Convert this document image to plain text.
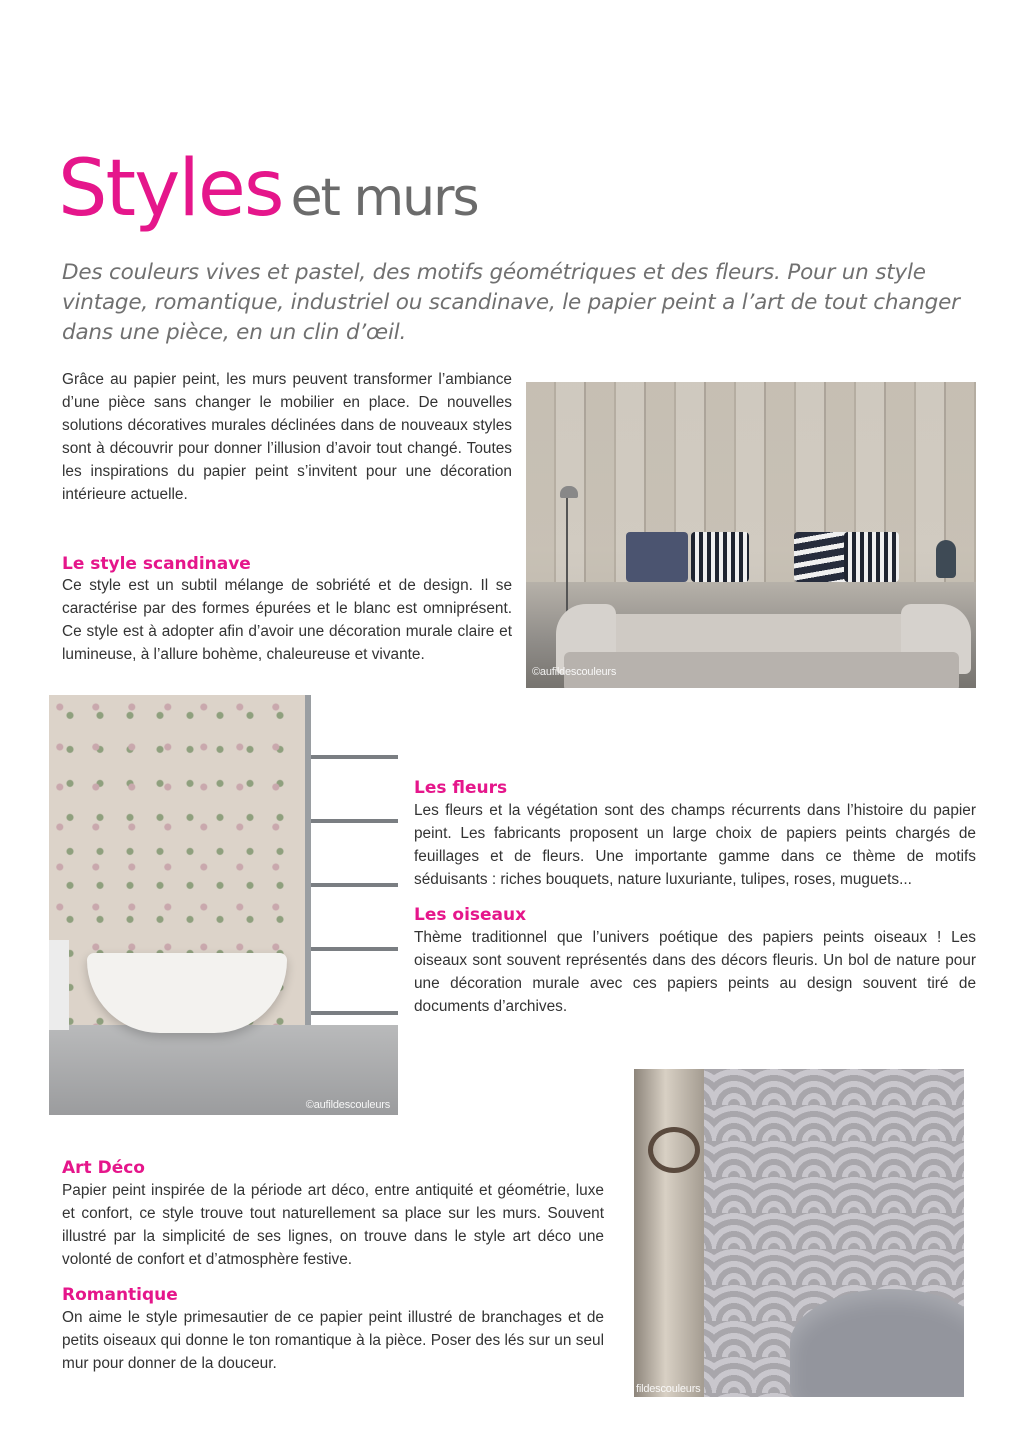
Styles et murs

Des couleurs vives et pastel, des motifs géométriques et des fleurs. Pour un style vintage, romantique, industriel ou scandinave, le papier peint a l’art de tout changer dans une pièce, en un clin d’œil.

Grâce au papier peint, les murs peuvent transformer l’ambiance d’une pièce sans changer le mobilier en place. De nouvelles solutions décoratives murales déclinées dans de nouveaux styles sont à découvrir pour donner l’illusion d’avoir tout changé. Toutes les inspirations du papier peint s’invitent pour une décoration intérieure actuelle.

©aufildescouleurs
Le style scandinave

Ce style est un subtil mélange de sobriété et de design. Il se caractérise par des formes épurées et le blanc est omniprésent. Ce style est à adopter afin d’avoir une décoration murale claire et lumineuse, à l’allure bohème, chaleureuse et vivante.

©aufildescouleurs
Les fleurs

Les fleurs et la végétation sont des champs récurrents dans l’histoire du papier peint. Les fabricants proposent un large choix de papiers peints chargés de feuillages et de fleurs. Une importante gamme dans ce thème de motifs séduisants : riches bouquets, nature luxuriante, tulipes, roses, muguets...

Les oiseaux

Thème traditionnel que l’univers poétique des papiers peints oiseaux ! Les oiseaux sont souvent représentés dans des décors fleuris. Un bol de nature pour une décoration murale avec ces papiers peints au design souvent tiré de documents d’archives.

fildescouleurs
Art Déco

Papier peint inspirée de la période art déco, entre antiquité et géométrie, luxe et confort, ce style trouve tout naturellement sa place sur les murs. Souvent illustré par la simplicité de ses lignes, on trouve dans le style art déco une volonté de confort et d’atmosphère festive.

Romantique

On aime le style primesautier de ce papier peint illustré de branchages et de petits oiseaux qui donne le ton romantique à la pièce. Poser des lés sur un seul mur pour donner de la douceur.
